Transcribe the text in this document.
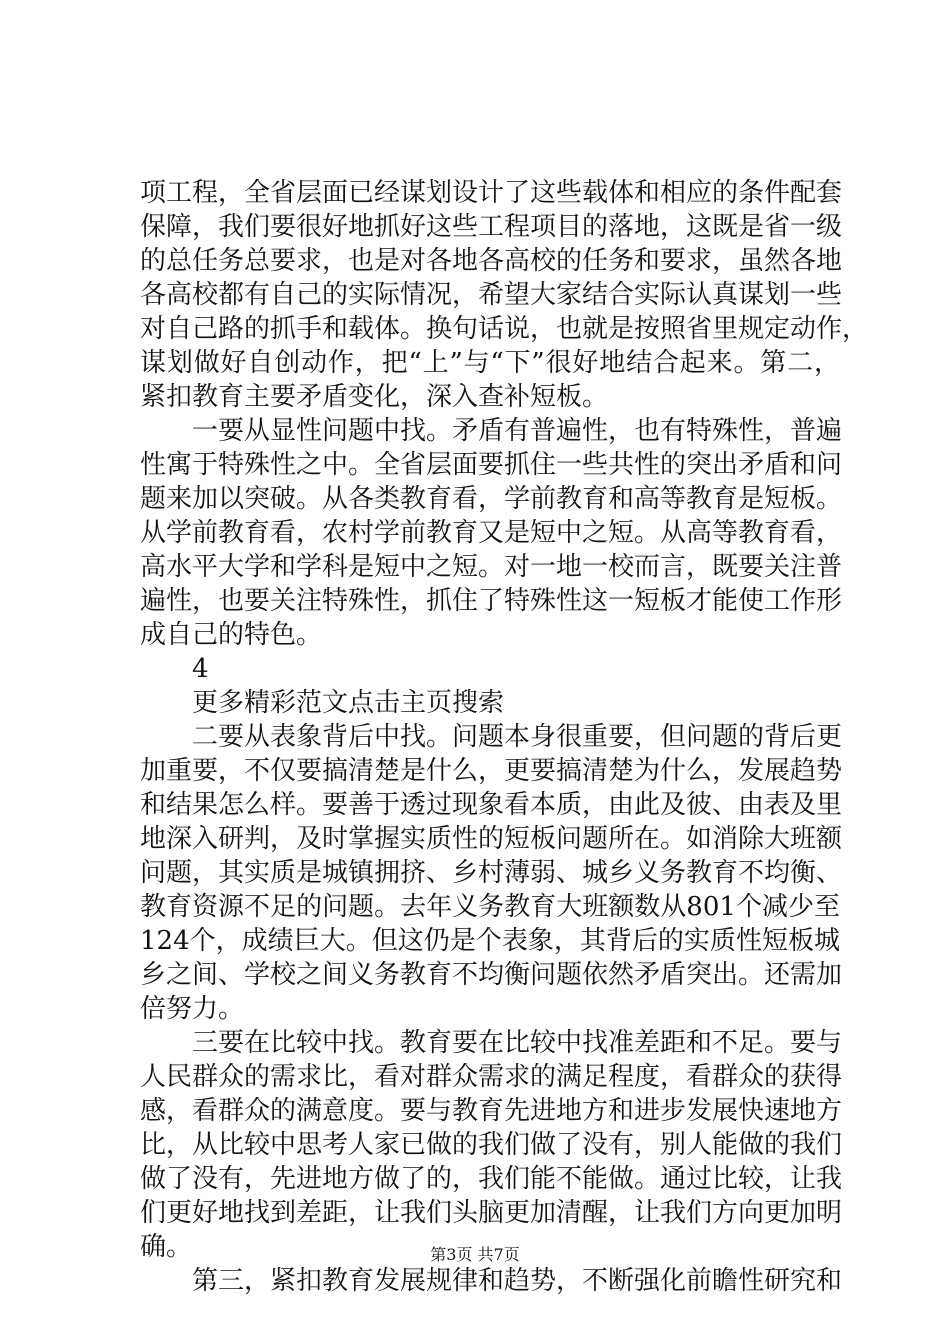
项工程，全省层面已经谋划设计了这些载体和相应的条件配套
保障，我们要很好地抓好这些工程项目的落地，这既是省一级
的总任务总要求，也是对各地各高校的任务和要求，虽然各地
各高校都有自己的实际情况，希望大家结合实际认真谋划一些
对自己路的抓手和载体。换句话说，也就是按照省里规定动作，
谋划做好自创动作，把“上”与“下”很好地结合起来。第二，
紧扣教育主要矛盾变化，深入查补短板。
一要从显性问题中找。矛盾有普遍性，也有特殊性，普遍
性寓于特殊性之中。全省层面要抓住一些共性的突出矛盾和问
题来加以突破。从各类教育看，学前教育和高等教育是短板。
从学前教育看，农村学前教育又是短中之短。从高等教育看，
高水平大学和学科是短中之短。对一地一校而言，既要关注普
遍性，也要关注特殊性，抓住了特殊性这一短板才能使工作形
成自己的特色。
4
更多精彩范文点击主页搜索
二要从表象背后中找。问题本身很重要，但问题的背后更
加重要，不仅要搞清楚是什么，更要搞清楚为什么，发展趋势
和结果怎么样。要善于透过现象看本质，由此及彼、由表及里
地深入研判，及时掌握实质性的短板问题所在。如消除大班额
问题，其实质是城镇拥挤、乡村薄弱、城乡义务教育不均衡、
教育资源不足的问题。去年义务教育大班额数从801个减少至
124个，成绩巨大。但这仍是个表象，其背后的实质性短板城
乡之间、学校之间义务教育不均衡问题依然矛盾突出。还需加
倍努力。
三要在比较中找。教育要在比较中找准差距和不足。要与
人民群众的需求比，看对群众需求的满足程度，看群众的获得
感，看群众的满意度。要与教育先进地方和进步发展快速地方
比，从比较中思考人家已做的我们做了没有，别人能做的我们
做了没有，先进地方做了的，我们能不能做。通过比较，让我
们更好地找到差距，让我们头脑更加清醒，让我们方向更加明
确。
第三，紧扣教育发展规律和趋势，不断强化前瞻性研究和
第3页 共7页
